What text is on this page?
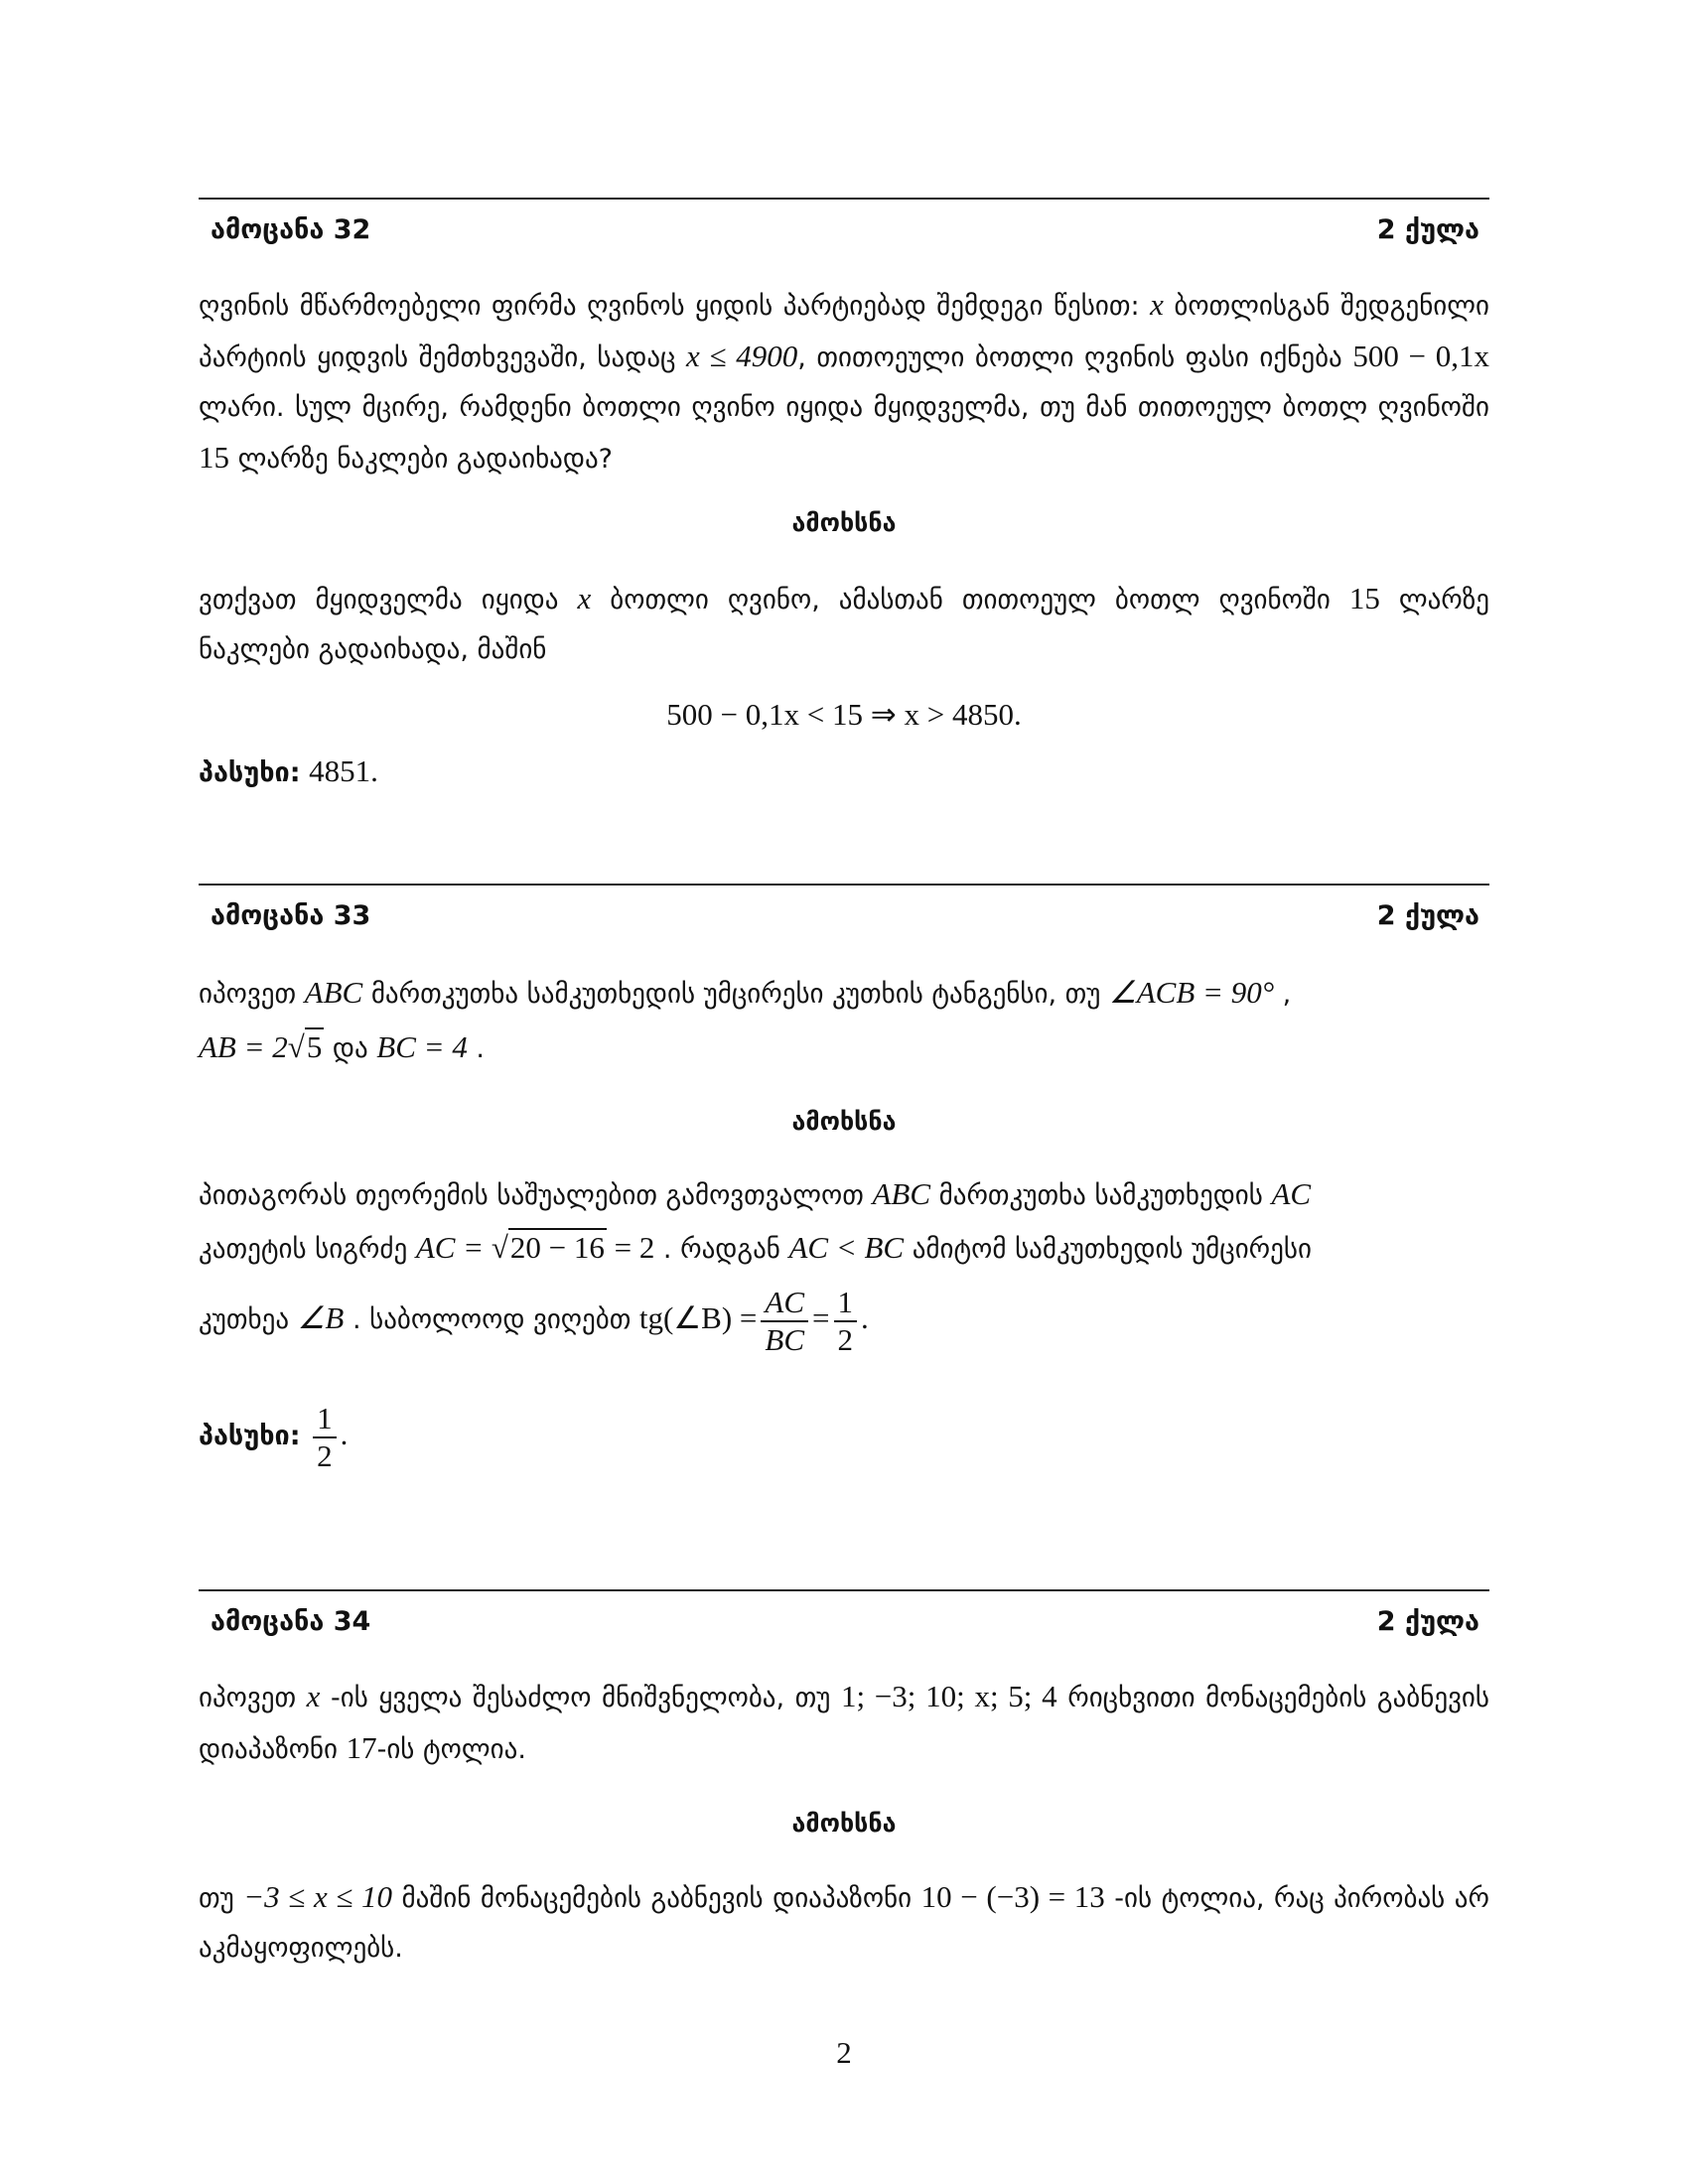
ამოცანა 32	2 ქულა
ღვინის მწარმოებელი ფირმა ღვინოს ყიდის პარტიებად შემდეგი წესით: x ბოთლისგან შედგენილი პარტიის ყიდვის შემთხვევაში, სადაც x ≤ 4900, თითოეული ბოთლი ღვინის ფასი იქნება 500 − 0,1x ლარი. სულ მცირე, რამდენი ბოთლი ღვინო იყიდა მყიდველმა, თუ მან თითოეულ ბოთლ ღვინოში 15 ლარზე ნაკლები გადაიხადა?
ამოხსნა
ვთქვათ მყიდველმა იყიდა x ბოთლი ღვინო, ამასთან თითოეულ ბოთლ ღვინოში 15 ლარზე ნაკლები გადაიხადა, მაშინ
500 − 0,1x < 15 ⇒ x > 4850.
პასუხი: 4851.
ამოცანა 33	2 ქულა
იპოვეთ ABC მართკუთხა სამკუთხედის უმცირესი კუთხის ტანგენსი, თუ ∠ACB = 90° ,
AB = 2√5 და BC = 4 .
ამოხსნა
პითაგორას თეორემის საშუალებით გამოვთვალოთ ABC მართკუთხა სამკუთხედის AC
კათეტის სიგრძე AC = √20 − 16 = 2 . რადგან AC < BC ამიტომ სამკუთხედის უმცირესი
კუთხეა ∠B . საბოლოოდ ვიღებთ tg(∠B) = $\frac{AC}{BC} = \frac{1}{2}$ .
პასუხი: $\frac{1}{2}$ .
ამოცანა 34	2 ქულა
იპოვეთ x -ის ყველა შესაძლო მნიშვნელობა, თუ 1; −3; 10; x; 5; 4 რიცხვითი მონაცემების გაბნევის დიაპაზონი 17-ის ტოლია.
ამოხსნა
თუ −3 ≤ x ≤ 10 მაშინ მონაცემების გაბნევის დიაპაზონი 10 − (−3) = 13 -ის ტოლია, რაც პირობას არ აკმაყოფილებს.
2
